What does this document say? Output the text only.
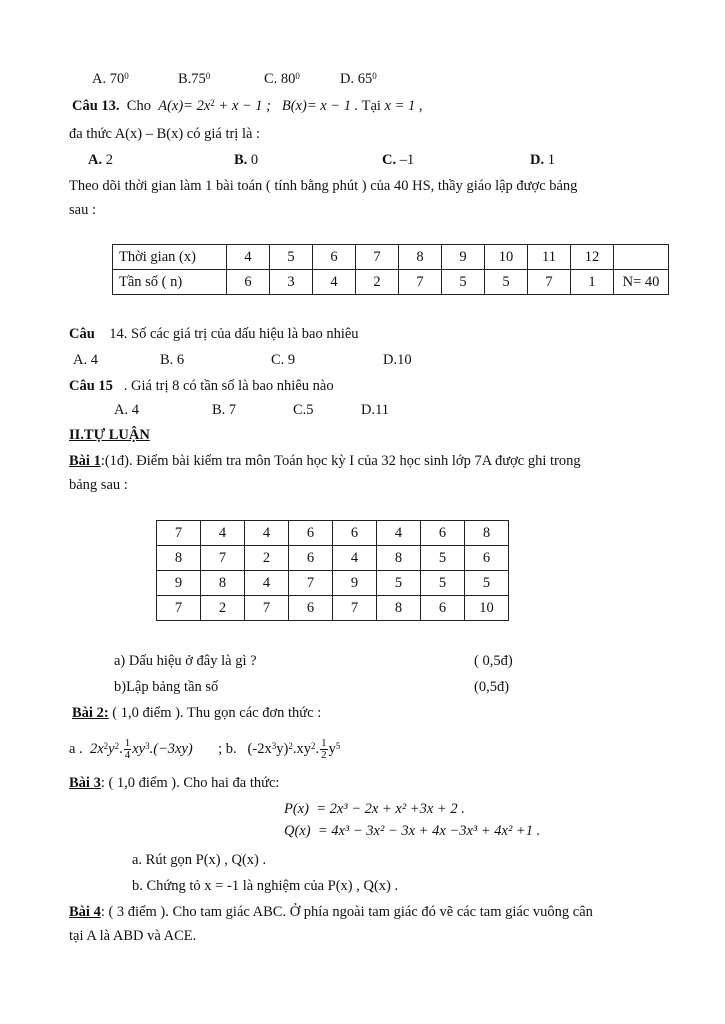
A. $70^0$	$B.75^0$	C. $80^0$	D. $65^0$
Câu 13. Cho $A(x)= 2x^2 + x - 1$ ; B(x)= x − 1 . Tại x = 1 ,
đa thức A(x) – B(x) có giá trị là :
A. 2	B. 0	C. –1	D. 1
Theo dõi thời gian làm 1 bài toán ( tính bằng phút ) của 40 HS, thầy giáo lập được bảng
sau :
Thời gian (x)	4	5	6	7	8	9	10	11	12	
Tần số ( n)	6	3	4	2	7	5	5	7	1	N= 40
Câu 14. Số các giá trị của dấu hiệu là bao nhiêu
A. 4	B. 6	C. 9	D.10
Câu 15 . Giá trị 8 có tần số là bao nhiêu nào
A. 4	B. 7	C.5	D.11
II.TỰ LUẬN
Bài 1:(1đ). Điểm bài kiểm tra môn Toán học kỳ I của 32 học sinh lớp 7A được ghi trong
bảng sau :
7	4	4	6	6	4	6	8
8	7	2	6	4	8	5	6
9	8	4	7	9	5	5	5
7	2	7	6	7	8	6	10
a) Dấu hiệu ở đây là gì ?	( 0,5đ)
b)Lập bảng tần số	(0,5đ)
Bài 2: ( 1,0 điểm ). Thu gọn các đơn thức :
a . $2x^2y^2$. $\frac{1}{4} xy^3.(-3xy)$ ; b. $(-2x^3y)^2.xy^2$. $\frac{1}{2} y^5$
Bài 3: ( 1,0 điểm ). Cho hai đa thức:
P(x) = 2x³ − 2x + x² +3x + 2 .
Q(x) = 4x³ − 3x² − 3x + 4x −3x³ + 4x² +1 .
a. Rút gọn P(x) , Q(x) .
b. Chứng tỏ x = -1 là nghiệm của P(x) , Q(x) .
Bài 4: ( 3 điểm ). Cho tam giác ABC. Ở phía ngoài tam giác đó vẽ các tam giác vuông cân
tại A là ABD và ACE.
